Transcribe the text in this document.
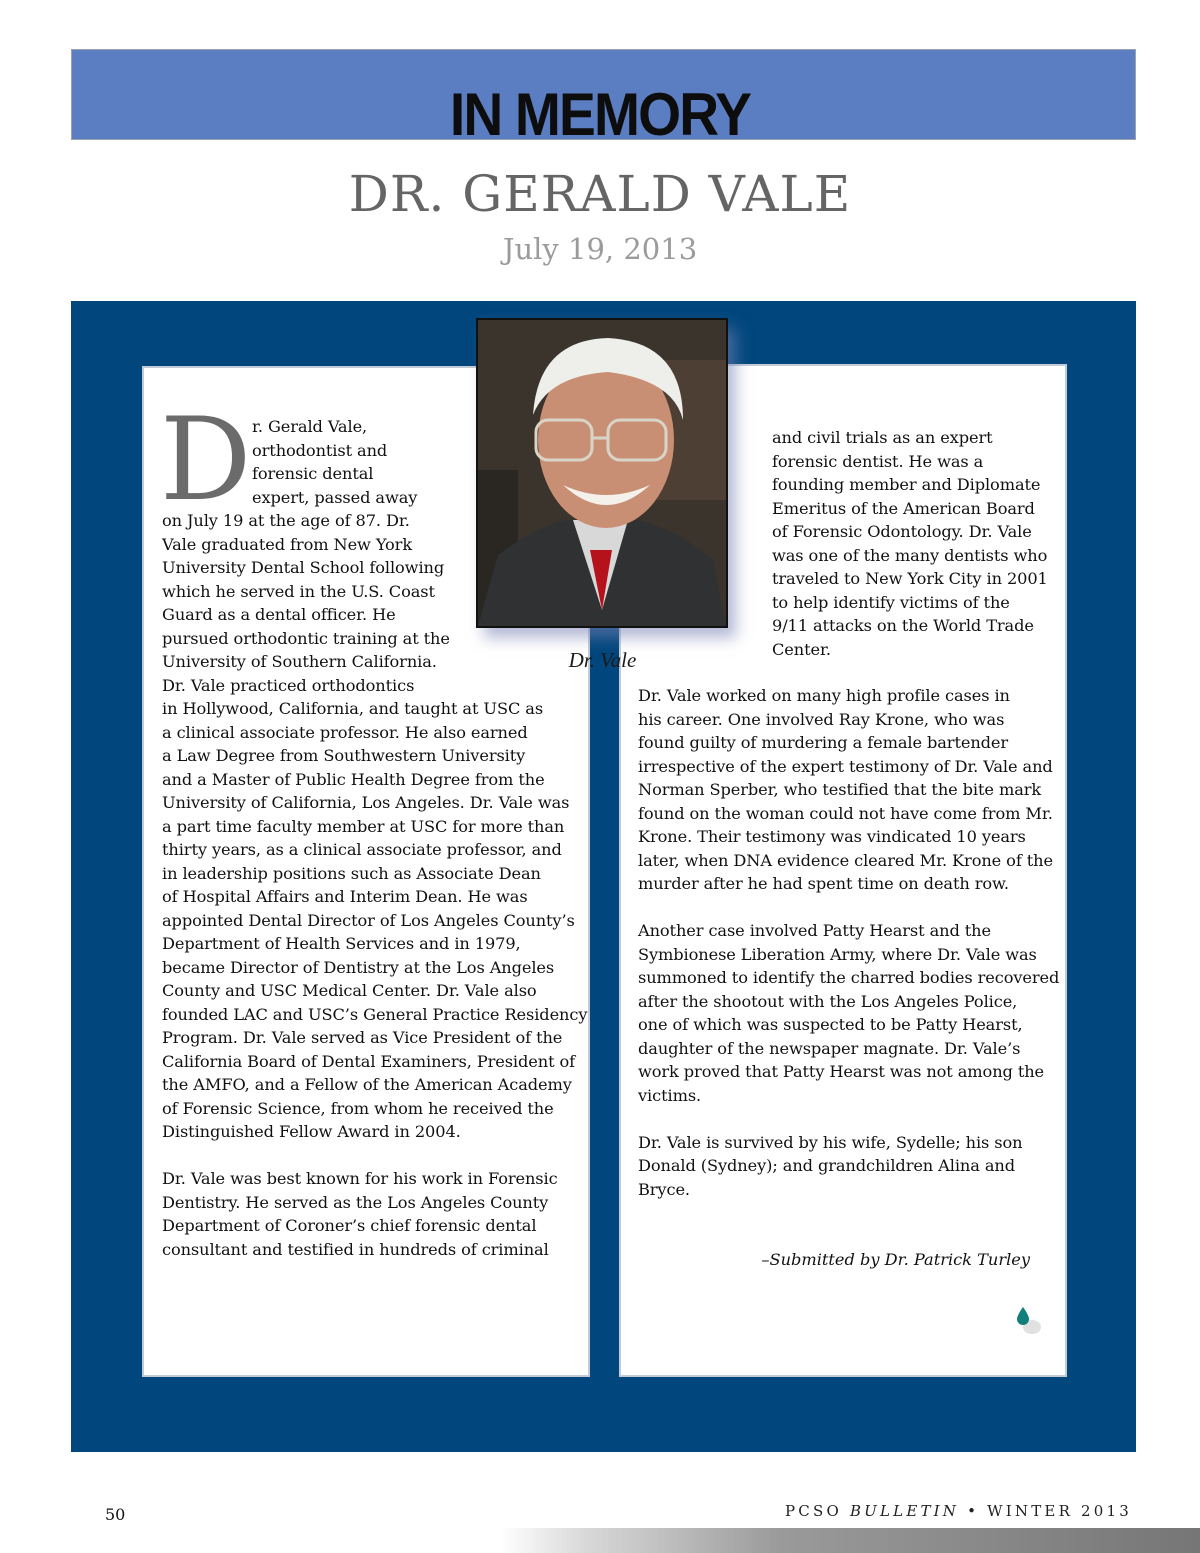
IN MEMORY
DR. GERALD VALE
July 19, 2013
Dr. Vale
D r. Gerald Vale,
orthodontist and
forensic dental
expert, passed away
on July 19 at the age of 87. Dr.
Vale graduated from New York
University Dental School following
which he served in the U.S. Coast
Guard as a dental officer. He
pursued orthodontic training at the
University of Southern California.
Dr. Vale practiced orthodontics
in Hollywood, California, and taught at USC as
a clinical associate professor. He also earned
a Law Degree from Southwestern University
and a Master of Public Health Degree from the
University of California, Los Angeles. Dr. Vale was
a part time faculty member at USC for more than
thirty years, as a clinical associate professor, and
in leadership positions such as Associate Dean
of Hospital Affairs and Interim Dean. He was
appointed Dental Director of Los Angeles County’s
Department of Health Services and in 1979,
became Director of Dentistry at the Los Angeles
County and USC Medical Center. Dr. Vale also
founded LAC and USC’s General Practice Residency
Program. Dr. Vale served as Vice President of the
California Board of Dental Examiners, President of
the AMFO, and a Fellow of the American Academy
of Forensic Science, from whom he received the
Distinguished Fellow Award in 2004.
Dr. Vale was best known for his work in Forensic
Dentistry. He served as the Los Angeles County
Department of Coroner’s chief forensic dental
consultant and testified in hundreds of criminal
and civil trials as an expert
forensic dentist. He was a
founding member and Diplomate
Emeritus of the American Board
of Forensic Odontology. Dr. Vale
was one of the many dentists who
traveled to New York City in 2001
to help identify victims of the
9/11 attacks on the World Trade
Center.
Dr. Vale worked on many high profile cases in
his career. One involved Ray Krone, who was
found guilty of murdering a female bartender
irrespective of the expert testimony of Dr. Vale and
Norman Sperber, who testified that the bite mark
found on the woman could not have come from Mr.
Krone. Their testimony was vindicated 10 years
later, when DNA evidence cleared Mr. Krone of the
murder after he had spent time on death row.
Another case involved Patty Hearst and the
Symbionese Liberation Army, where Dr. Vale was
summoned to identify the charred bodies recovered
after the shootout with the Los Angeles Police,
one of which was suspected to be Patty Hearst,
daughter of the newspaper magnate. Dr. Vale’s
work proved that Patty Hearst was not among the
victims.
Dr. Vale is survived by his wife, Sydelle; his son
Donald (Sydney); and grandchildren Alina and
Bryce.
–Submitted by Dr. Patrick Turley
50	PCSO BULLETIN • WINTER 2013
